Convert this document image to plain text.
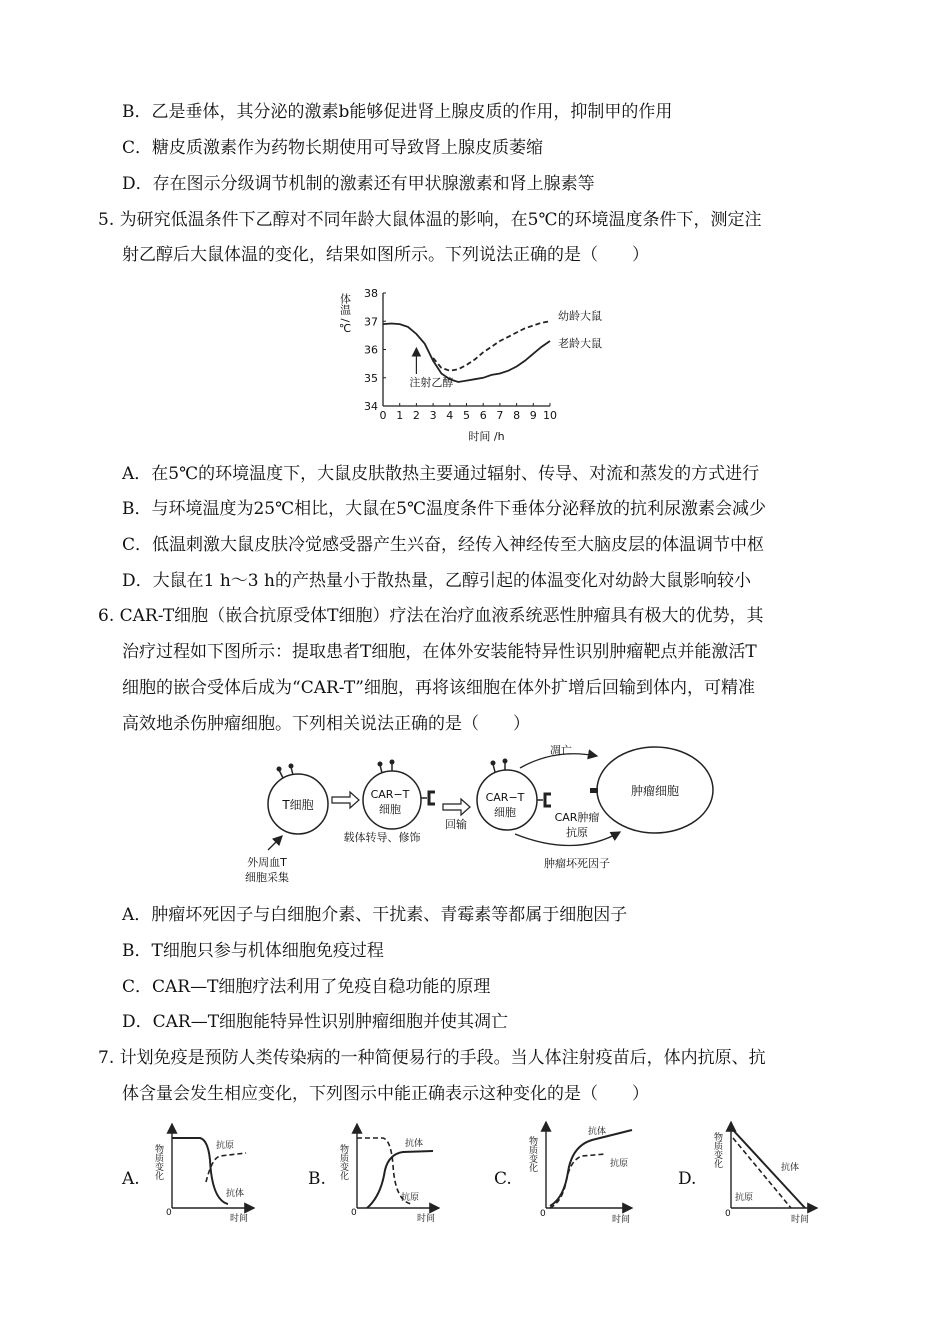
B．乙是垂体，其分泌的激素b能够促进肾上腺皮质的作用，抑制甲的作用
C．糖皮质激素作为药物长期使用可导致肾上腺皮质萎缩
D．存在图示分级调节机制的激素还有甲状腺激素和肾上腺素等
5. 为研究低温条件下乙醇对不同年龄大鼠体温的影响，在5℃的环境温度条件下，测定注
射乙醇后大鼠体温的变化，结果如图所示。下列说法正确的是（　　）
0 1 2 3 4 5 6 7 8 9 10
34
35
36
37
38
体温 /℃
时间 /h
幼龄大鼠
老龄大鼠
注射乙醇
A．在5℃的环境温度下，大鼠皮肤散热主要通过辐射、传导、对流和蒸发的方式进行
B．与环境温度为25℃相比，大鼠在5℃温度条件下垂体分泌释放的抗利尿激素会减少
C．低温刺激大鼠皮肤冷觉感受器产生兴奋，经传入神经传至大脑皮层的体温调节中枢
D．大鼠在1 h～3 h的产热量小于散热量，乙醇引起的体温变化对幼龄大鼠影响较小
6. CAR-T细胞（嵌合抗原受体T细胞）疗法在治疗血液系统恶性肿瘤具有极大的优势，其
治疗过程如下图所示：提取患者T细胞，在体外安装能特异性识别肿瘤靶点并能激活T
细胞的嵌合受体后成为“CAR-T”细胞，再将该细胞在体外扩增后回输到体内，可精准
高效地杀伤肿瘤细胞。下列相关说法正确的是（　　）
T细胞
CAR−T
细胞
CAR−T
细胞
肿瘤细胞
凋亡
肿瘤坏死因子
CAR肿瘤
抗原
载体转导、修饰
回输
外周血T
细胞采集
A．肿瘤坏死因子与白细胞介素、干扰素、青霉素等都属于细胞因子
B．T细胞只参与机体细胞免疫过程
C．CAR—T细胞疗法利用了免疫自稳功能的原理
D．CAR—T细胞能特异性识别肿瘤细胞并使其凋亡
7. 计划免疫是预防人类传染病的一种简便易行的手段。当人体注射疫苗后，体内抗原、抗
体含量会发生相应变化，下列图示中能正确表示这种变化的是（　　）
A. 物质变化
0
时间
抗原
抗体
B. 物质变化
0
时间
抗体
抗原
C.
物质变化
0
时间
抗体
抗原
D.
物质变化
0
时间
抗体
抗原
